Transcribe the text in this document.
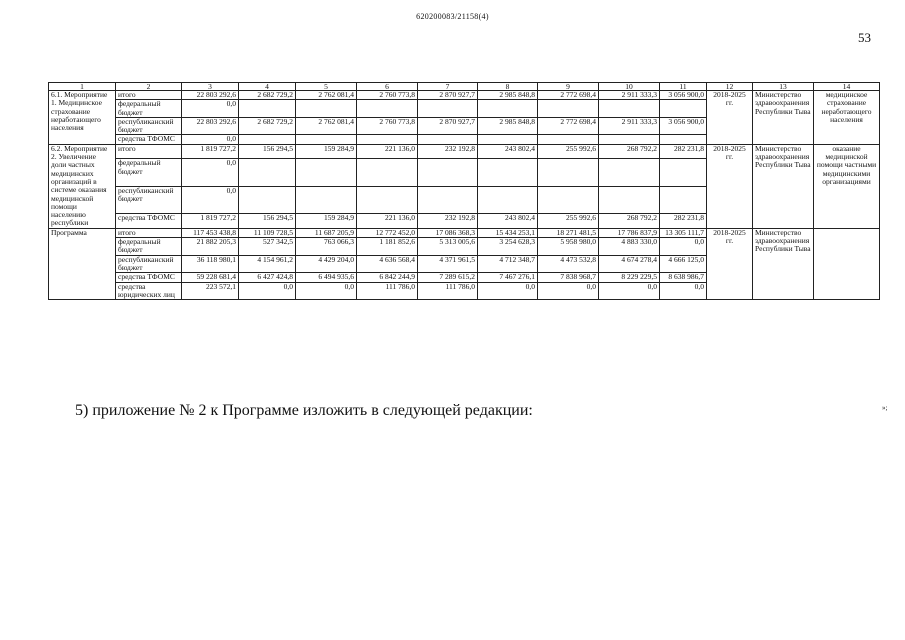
620200083/21158(4)
53
1	2	3	4	5	6	7	8	9	10	11	12	13	14
6.1. Мероприятие 1. Медицинское страхование неработающего населения	итого	22 803 292,6	2 682 729,2	2 762 081,4	2 760 773,8	2 870 927,7	2 985 848,8	2 772 698,4	2 911 333,3	3 056 900,0	2018-2025 гг.	Министерство здравоохранения Республики Тыва	медицинское страхование неработающего населения
	федеральный бюджет	0,0											
	республиканский бюджет	22 803 292,6	2 682 729,2	2 762 081,4	2 760 773,8	2 870 927,7	2 985 848,8	2 772 698,4	2 911 333,3	3 056 900,0			
	средства ТФОМС	0,0											
6.2. Мероприятие 2. Увеличение доли частных медицинских организаций в системе оказания медицинской помощи населению республики	итого	1 819 727,2	156 294,5	159 284,9	221 136,0	232 192,8	243 802,4	255 992,6	268 792,2	282 231,8	2018-2025 гг.	Министерство здравоохранения Республики Тыва	оказание медицинской помощи частными медицинскими организациями
	федеральный бюджет	0,0											
	республиканский бюджет	0,0											
	средства ТФОМС	1 819 727,2	156 294,5	159 284,9	221 136,0	232 192,8	243 802,4	255 992,6	268 792,2	282 231,8			
Программа	итого	117 453 438,8	11 109 728,5	11 687 205,9	12 772 452,0	17 086 368,3	15 434 253,1	18 271 481,5	17 786 837,9	13 305 111,7	2018-2025 гг.	Министерство здравоохранения Республики Тыва	
	федеральный бюджет	21 882 205,3	527 342,5	763 066,3	1 181 852,6	5 313 005,6	3 254 628,3	5 958 980,0	4 883 330,0	0,0			
	республиканский бюджет	36 118 980,1	4 154 961,2	4 429 204,0	4 636 568,4	4 371 961,5	4 712 348,7	4 473 532,8	4 674 278,4	4 666 125,0			
	средства ТФОМС	59 228 681,4	6 427 424,8	6 494 935,6	6 842 244,9	7 289 615,2	7 467 276,1	7 838 968,7	8 229 229,5	8 638 986,7			
	средства юридических лиц	223 572,1	0,0	0,0	111 786,0	111 786,0	0,0	0,0	0,0	0,0			
»;
5) приложение № 2 к Программе изложить в следующей редакции:
